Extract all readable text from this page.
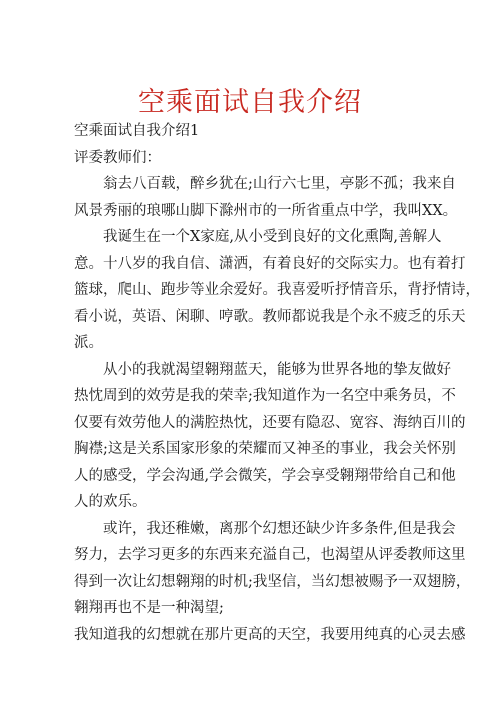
空乘面试自我介绍
空乘面试自我介绍1
评委教师们：
翁去八百载，醉乡犹在;山行六七里，亭影不孤；我来自
风景秀丽的琅哪山脚下滁州市的一所省重点中学，我叫XX。
我诞生在一个X家庭,从小受到良好的文化熏陶,善解人
意。十八岁的我自信、潇洒，有着良好的交际实力。也有着打
篮球，爬山、跑步等业余爱好。我喜爱听抒情音乐，背抒情诗，
看小说，英语、闲聊、哼歌。教师都说我是个永不疲乏的乐天
派。
从小的我就渴望翱翔蓝天，能够为世界各地的挚友做好
热忱周到的效劳是我的荣幸;我知道作为一名空中乘务员，不
仅要有效劳他人的满腔热忱，还要有隐忍、宽容、海纳百川的
胸襟;这是关系国家形象的荣耀而又神圣的事业，我会关怀别
人的感受，学会沟通,学会微笑，学会享受翱翔带给自己和他
人的欢乐。
或许，我还稚嫩，离那个幻想还缺少许多条件,但是我会
努力，去学习更多的东西来充溢自己，也渴望从评委教师这里
得到一次让幻想翱翔的时机;我坚信，当幻想被赐予一双翅膀，
翱翔再也不是一种渴望;
我知道我的幻想就在那片更高的天空，我要用纯真的心灵去感
